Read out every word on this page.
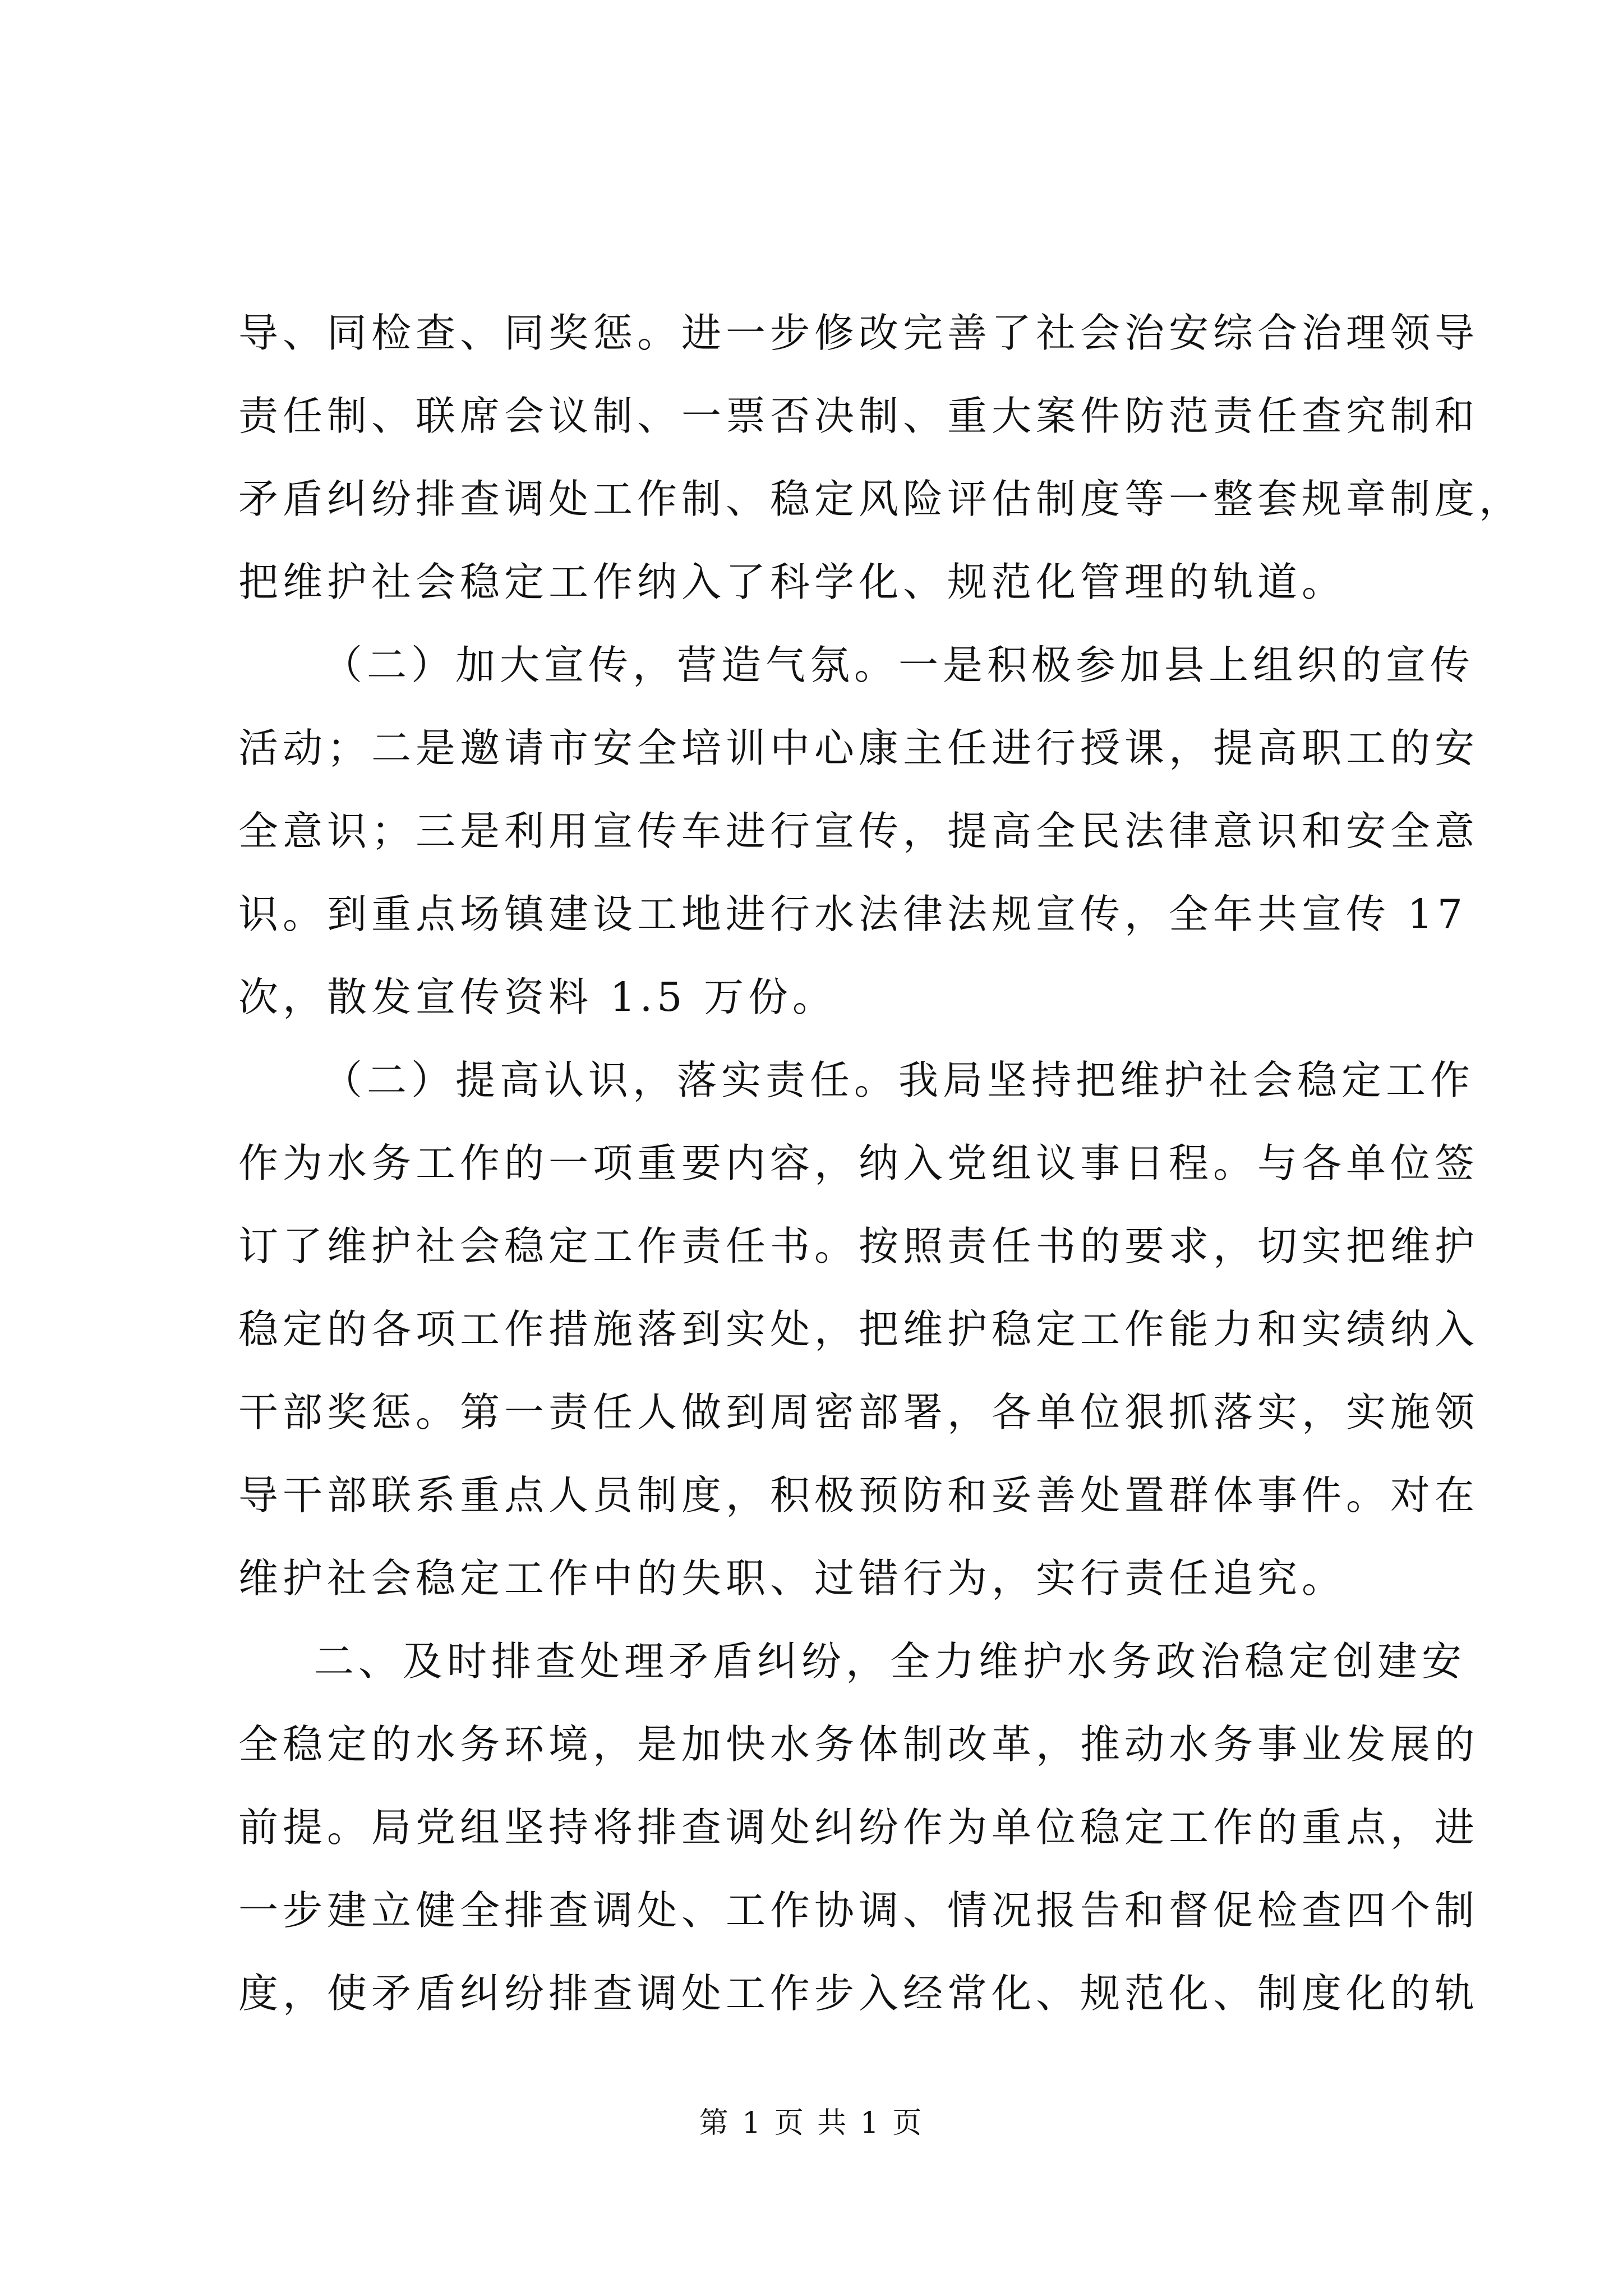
导、同检查、同奖惩。进一步修改完善了社会治安综合治理领导
责任制、联席会议制、一票否决制、重大案件防范责任查究制和
矛盾纠纷排查调处工作制、稳定风险评估制度等一整套规章制度，
把维护社会稳定工作纳入了科学化、规范化管理的轨道。
（二）加大宣传，营造气氛。一是积极参加县上组织的宣传
活动；二是邀请市安全培训中心康主任进行授课，提高职工的安
全意识；三是利用宣传车进行宣传，提高全民法律意识和安全意
识。到重点场镇建设工地进行水法律法规宣传，全年共宣传 17
次，散发宣传资料 1.5 万份。
（二）提高认识，落实责任。我局坚持把维护社会稳定工作
作为水务工作的一项重要内容，纳入党组议事日程。与各单位签
订了维护社会稳定工作责任书。按照责任书的要求，切实把维护
稳定的各项工作措施落到实处，把维护稳定工作能力和实绩纳入
干部奖惩。第一责任人做到周密部署，各单位狠抓落实，实施领
导干部联系重点人员制度，积极预防和妥善处置群体事件。对在
维护社会稳定工作中的失职、过错行为，实行责任追究。
二、及时排查处理矛盾纠纷，全力维护水务政治稳定创建安
全稳定的水务环境，是加快水务体制改革，推动水务事业发展的
前提。局党组坚持将排查调处纠纷作为单位稳定工作的重点，进
一步建立健全排查调处、工作协调、情况报告和督促检查四个制
度，使矛盾纠纷排查调处工作步入经常化、规范化、制度化的轨
第 1 页 共 1 页
